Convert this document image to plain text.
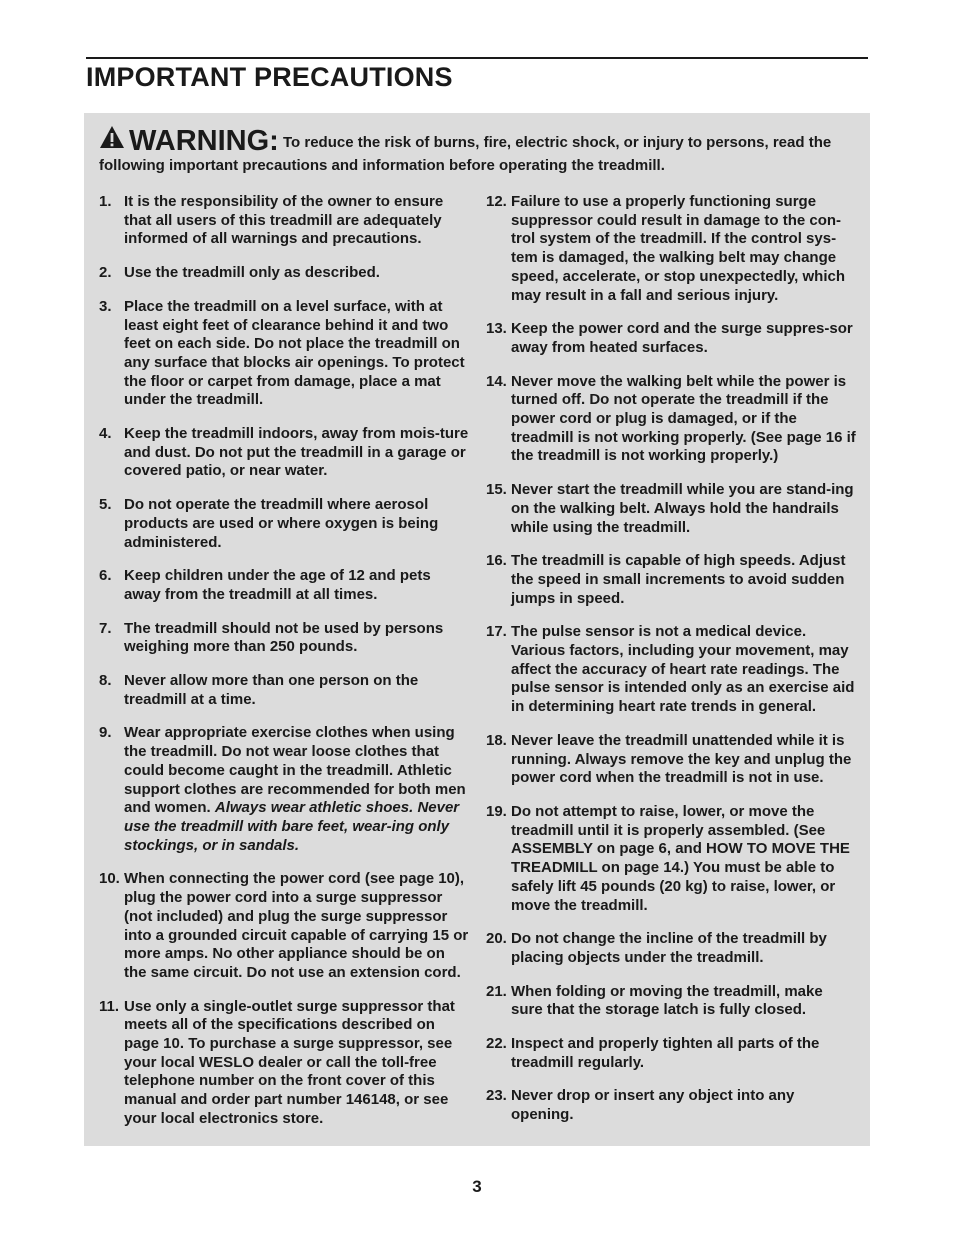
IMPORTANT PRECAUTIONS
WARNING: To reduce the risk of burns, fire, electric shock, or injury to persons, read the following important precautions and information before operating the treadmill.
1. It is the responsibility of the owner to ensure that all users of this treadmill are adequately informed of all warnings and precautions.
2. Use the treadmill only as described.
3. Place the treadmill on a level surface, with at least eight feet of clearance behind it and two feet on each side. Do not place the treadmill on any surface that blocks air openings. To protect the floor or carpet from damage, place a mat under the treadmill.
4. Keep the treadmill indoors, away from mois-ture and dust. Do not put the treadmill in a garage or covered patio, or near water.
5. Do not operate the treadmill where aerosol products are used or where oxygen is being administered.
6. Keep children under the age of 12 and pets away from the treadmill at all times.
7. The treadmill should not be used by persons weighing more than 250 pounds.
8. Never allow more than one person on the treadmill at a time.
9. Wear appropriate exercise clothes when using the treadmill. Do not wear loose clothes that could become caught in the treadmill. Athletic support clothes are recommended for both men and women. Always wear athletic shoes. Never use the treadmill with bare feet, wear-ing only stockings, or in sandals.
10. When connecting the power cord (see page 10), plug the power cord into a surge suppressor (not included) and plug the surge suppressor into a grounded circuit capable of carrying 15 or more amps. No other appliance should be on the same circuit. Do not use an extension cord.
11. Use only a single-outlet surge suppressor that meets all of the specifications described on page 10. To purchase a surge suppressor, see your local WESLO dealer or call the toll-free telephone number on the front cover of this manual and order part number 146148, or see your local electronics store.
12. Failure to use a properly functioning surge suppressor could result in damage to the con-trol system of the treadmill. If the control sys-tem is damaged, the walking belt may change speed, accelerate, or stop unexpectedly, which may result in a fall and serious injury.
13. Keep the power cord and the surge suppres-sor away from heated surfaces.
14. Never move the walking belt while the power is turned off. Do not operate the treadmill if the power cord or plug is damaged, or if the treadmill is not working properly. (See page 16 if the treadmill is not working properly.)
15. Never start the treadmill while you are stand-ing on the walking belt. Always hold the handrails while using the treadmill.
16. The treadmill is capable of high speeds. Adjust the speed in small increments to avoid sudden jumps in speed.
17. The pulse sensor is not a medical device. Various factors, including your movement, may affect the accuracy of heart rate readings. The pulse sensor is intended only as an exercise aid in determining heart rate trends in general.
18. Never leave the treadmill unattended while it is running. Always remove the key and unplug the power cord when the treadmill is not in use.
19. Do not attempt to raise, lower, or move the treadmill until it is properly assembled. (See ASSEMBLY on page 6, and HOW TO MOVE THE TREADMILL on page 14.) You must be able to safely lift 45 pounds (20 kg) to raise, lower, or move the treadmill.
20. Do not change the incline of the treadmill by placing objects under the treadmill.
21. When folding or moving the treadmill, make sure that the storage latch is fully closed.
22. Inspect and properly tighten all parts of the treadmill regularly.
23. Never drop or insert any object into any opening.
3
